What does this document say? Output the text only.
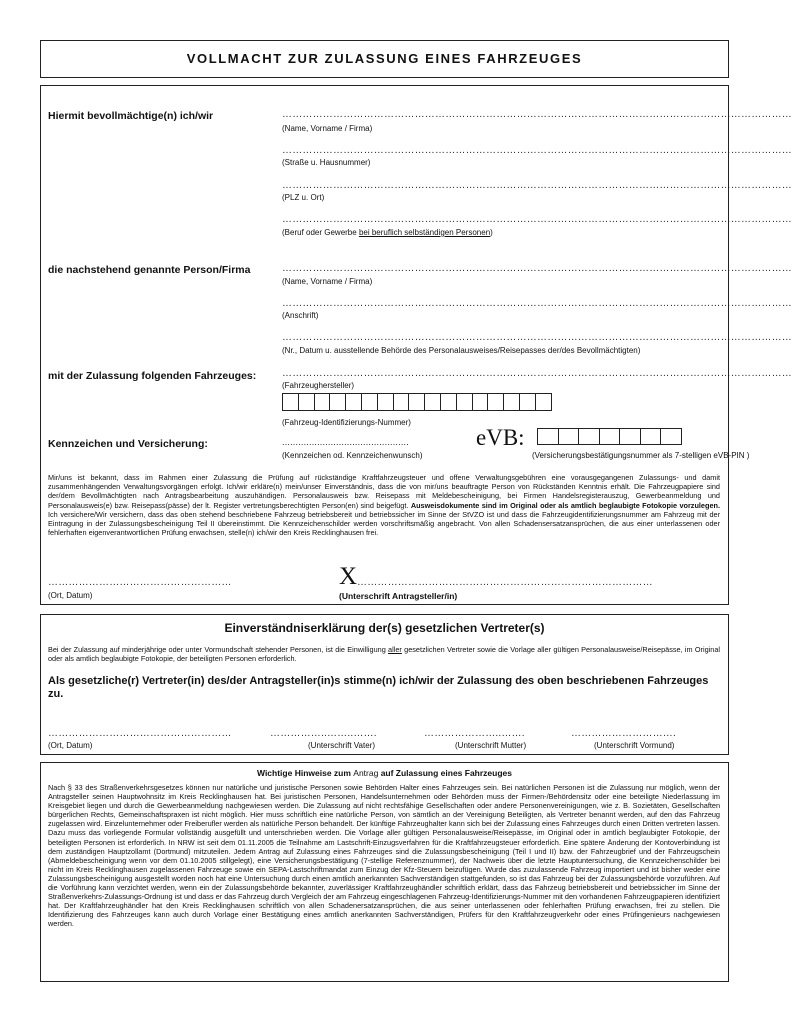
VOLLMACHT ZUR ZULASSUNG EINES FAHRZEUGES
Hiermit bevollmächtige(n) ich/wir	……………………………………………………………………………………………………………………………………
(Name, Vorname / Firma)
……………………………………………………………………………………………………………………………………
(Straße u. Hausnummer)
……………………………………………………………………………………………………………………………………
(PLZ u. Ort)
……………………………………………………………………………………………………………………………………
(Beruf oder Gewerbe bei beruflich selbständigen Personen)
die nachstehend genannte Person/Firma	……………………………………………………………………………………………………………………………………
(Name, Vorname / Firma)
……………………………………………………………………………………………………………………………………
(Anschrift)
……………………………………………………………………………………………………………………………………
(Nr., Datum u. ausstellende Behörde des Personalausweises/Reisepasses der/des Bevollmächtigten)
mit der Zulassung folgenden Fahrzeuges:	……………………………………………………………………………………………………………………………………
(Fahrzeughersteller)
(Fahrzeug-Identifizierungs-Nummer)
Kennzeichen und Versicherung:	...............................................
(Kennzeichen od. Kennzeichenwunsch)
eVB:
(Versicherungsbestätigungsnummer als 7-stelligen eVB-PIN )
Mir/uns ist bekannt, dass im Rahmen einer Zulassung die Prüfung auf rückständige Kraftfahrzeugsteuer und offene Verwaltungsgebühren eine vorausgegangenen Zulassungs- und damit zusammenhängenden Verwaltungsvorgängen erfolgt. Ich/wir erkläre(n) mein/unser Einverständnis, dass die von mir/uns beauftragte Person von Rückständen Kenntnis erhält. Die Fahrzeugpapiere sind der/dem Bevollmächtigten nach Antragsbearbeitung auszuhändigen. Personalausweis bzw. Reisepass mit Meldebescheinigung, bei Firmen Handelsregisterauszug, Gewerbeanmeldung und Personalausweis(e) bzw. Reisepass(pässe) der lt. Register vertretungsberechtigten Person(en) sind beigefügt. Ausweisdokumente sind im Original oder als amtlich beglaubigte Fotokopie vorzulegen. Ich versichere/Wir versichern, dass das oben stehend beschriebene Fahrzeug betriebsbereit und betriebssicher im Sinne der StVZO ist und dass die Fahrzeugidentifizierungsnummer am Fahrzeug mit der Eintragung in der Zulassungsbescheinigung Teil II übereinstimmt. Die Kennzeichenschilder werden vorschriftsmäßig angebracht. Von allen Schadensersatzansprüchen, die aus einer unterlassenen oder fehlerhaften eigenverantwortlichen Prüfung erwachsen, stelle(n) ich/wir den Kreis Recklinghausen frei.
………………………………………………
(Ort, Datum)
X ……………………………………………………………………………
(Unterschrift Antragsteller/in)
Einverständniserklärung der(s) gesetzlichen Vertreter(s)
Bei der Zulassung auf minderjährige oder unter Vormundschaft stehender Personen, ist die Einwilligung aller gesetzlichen Vertreter sowie die Vorlage aller gültigen Personalausweise/Reisepässe, im Original oder als amtlich beglaubigte Fotokopie, der beteiligten Personen erforderlich.
Als gesetzliche(r) Vertreter(in) des/der Antragsteller(in)s stimme(n) ich/wir der Zulassung des oben beschriebenen Fahrzeuges zu.
………………………………………………
(Ort, Datum)
……………..……..…….
(Unterschrift Vater)
…………………..…….
(Unterschrift Mutter)
………………………….
(Unterschrift Vormund)
Wichtige Hinweise zum Antrag auf Zulassung eines Fahrzeuges
Nach § 33 des Straßenverkehrsgesetzes können nur natürliche und juristische Personen sowie Behörden Halter eines Fahrzeuges sein. Bei natürlichen Personen ist die Zulassung nur möglich, wenn der Antragsteller seinen Hauptwohnsitz im Kreis Recklinghausen hat. Bei juristischen Personen, Handelsunternehmen oder Behörden muss der Firmen-/Behördensitz oder eine beteiligte Niederlassung im Kreisgebiet liegen und durch die Gewerbeanmeldung nachgewiesen werden. Die Zulassung auf nicht rechtsfähige Gesellschaften oder andere Personenvereinigungen, wie z. B. Sozietäten, Gesellschaften bürgerlichen Rechts, Gemeinschaftspraxen ist nicht möglich. Hier muss schriftlich eine natürliche Person, von sämtlich an der Vereinigung Beteiligten, als Vertreter benannt werden, auf den das Fahrzeug zugelassen wird. Einzelunternehmer oder Freiberufler werden als natürliche Person behandelt. Der künftige Fahrzeughalter kann sich bei der Zulassung eines Fahrzeuges durch einen Dritten vertreten lassen. Dazu muss das vorliegende Formular vollständig ausgefüllt und unterschrieben werden. Die Vorlage aller gültigen Personalausweise/Reisepässe, im Original oder in amtlich beglaubigter Fotokopie, der beteiligten Personen ist erforderlich. In NRW ist seit dem 01.11.2005 die Teilnahme am Lastschrift-Einzugsverfahren für die Kraftfahrzeugsteuer erforderlich. Eine spätere Änderung der Kontoverbindung ist dem zuständigen Hauptzollamt (Dortmund) mitzuteilen. Jedem Antrag auf Zulassung eines Fahrzeuges sind die Zulassungsbescheinigung (Teil I und II) bzw. der Fahrzeugbrief und der Fahrzeugschein (Abmeldebescheinigung wenn vor dem 01.10.2005 stillgelegt), eine Versicherungsbestätigung (7-stellige Referenznummer), der Nachweis über die letzte Hauptuntersuchung, die Kennzeichenschilder bei nicht im Kreis Recklinghausen zugelassenen Fahrzeuge sowie ein SEPA-Lastschriftmandat zum Einzug der Kfz-Steuern beizufügen. Wurde das zuzulassende Fahrzeug importiert und ist bisher weder eine Zulassungsbescheinigung ausgestellt worden noch hat eine Untersuchung durch einen amtlich anerkannten Sachverständigen stattgefunden, so ist das Fahrzeug bei der Zulassungsbehörde vorzuführen. Auf die Vorführung kann verzichtet werden, wenn ein der Zulassungsbehörde bekannter, zuverlässiger Kraftfahrzeughändler schriftlich erklärt, dass das Fahrzeug betriebsbereit und betriebssicher im Sinne der Straßenverkehrs-Zulassungs-Ordnung ist und dass er das Fahrzeug durch Vergleich der am Fahrzeug eingeschlagenen Fahrzeug-Identifizierungs-Nummer mit den vorhandenen Fahrzeugpapieren identifiziert hat. Der Kraftfahrzeughändler hat den Kreis Recklinghausen schriftlich von allen Schadenersatzansprüchen, die aus seiner unterlassenen oder fehlerhaften Prüfung erwachsen, frei zu stellen. Die Identifizierung des Fahrzeuges kann auch durch Vorlage einer Bestätigung eines amtlich anerkannten Sachverständigen, Prüfers für den Kraftfahrzeugverkehr oder eines Prüfingenieurs nachgewiesen werden.
